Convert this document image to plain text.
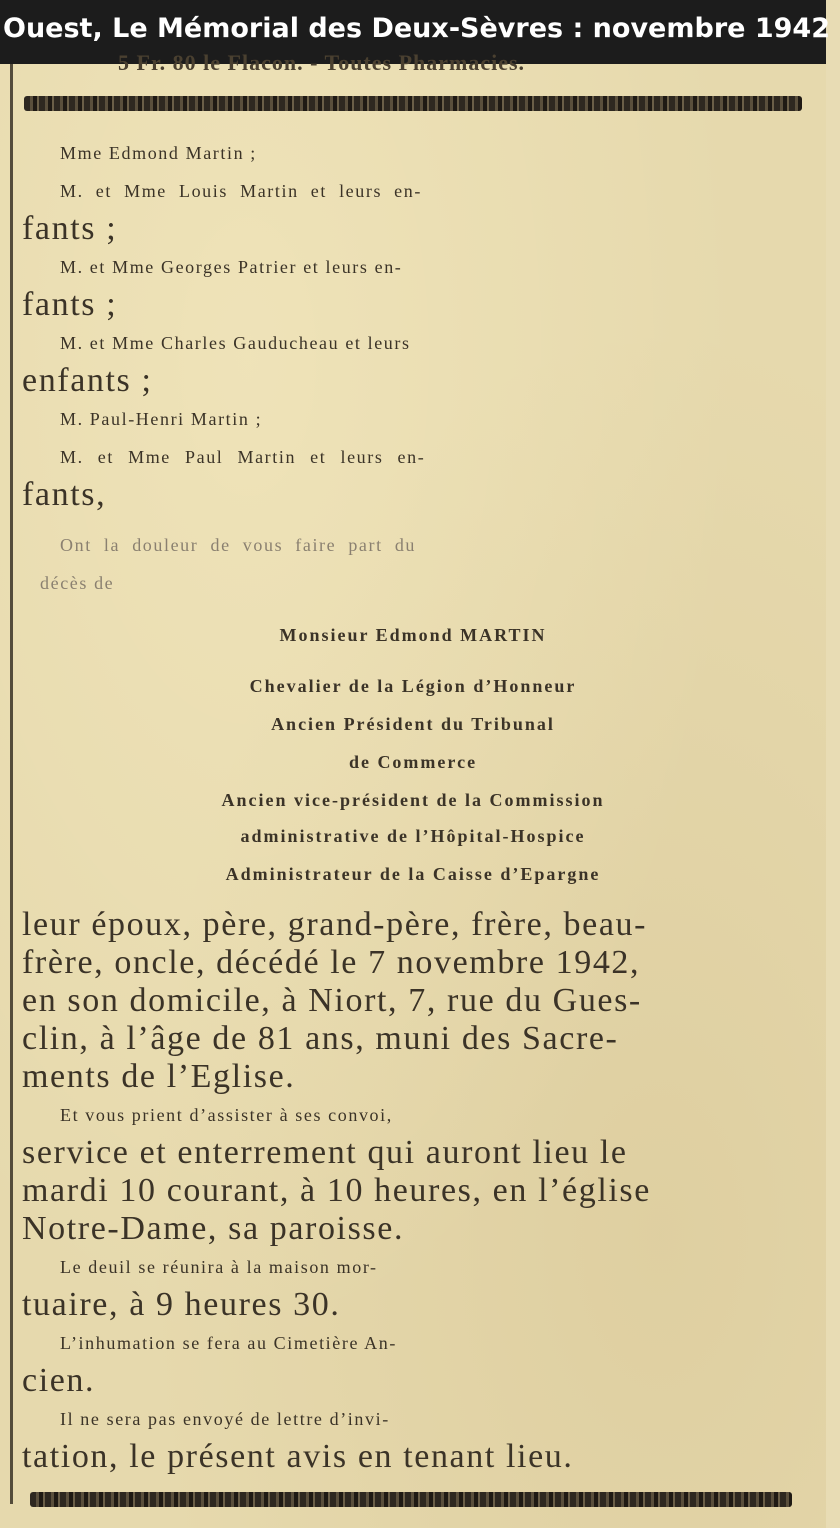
Ouest, Le Mémorial des Deux-Sèvres : novembre 1942
5 Fr. 80 le Flacon. - Toutes Pharmacies.

Mme Edmond Martin ;

M. et Mme Louis Martin et leurs en-

fants ;

M. et Mme Georges Patrier et leurs en-

fants ;

M. et Mme Charles Gauducheau et leurs

enfants ;

M. Paul-Henri Martin ;

M. et Mme Paul Martin et leurs en-

fants,

Ont la douleur de vous faire part du

décès de

Monsieur Edmond MARTIN

Chevalier de la Légion d’Honneur

Ancien Président du Tribunal

de Commerce

Ancien vice-président de la Commission

administrative de l’Hôpital-Hospice

Administrateur de la Caisse d’Epargne

leur époux, père, grand-père, frère, beau-

frère, oncle, décédé le 7 novembre 1942,

en son domicile, à Niort, 7, rue du Gues-

clin, à l’âge de 81 ans, muni des Sacre-

ments de l’Eglise.

Et vous prient d’assister à ses convoi,

service et enterrement qui auront lieu le

mardi 10 courant, à 10 heures, en l’église

Notre-Dame, sa paroisse.

Le deuil se réunira à la maison mor-

tuaire, à 9 heures 30.

L’inhumation se fera au Cimetière An-

cien.

Il ne sera pas envoyé de lettre d’invi-

tation, le présent avis en tenant lieu.
